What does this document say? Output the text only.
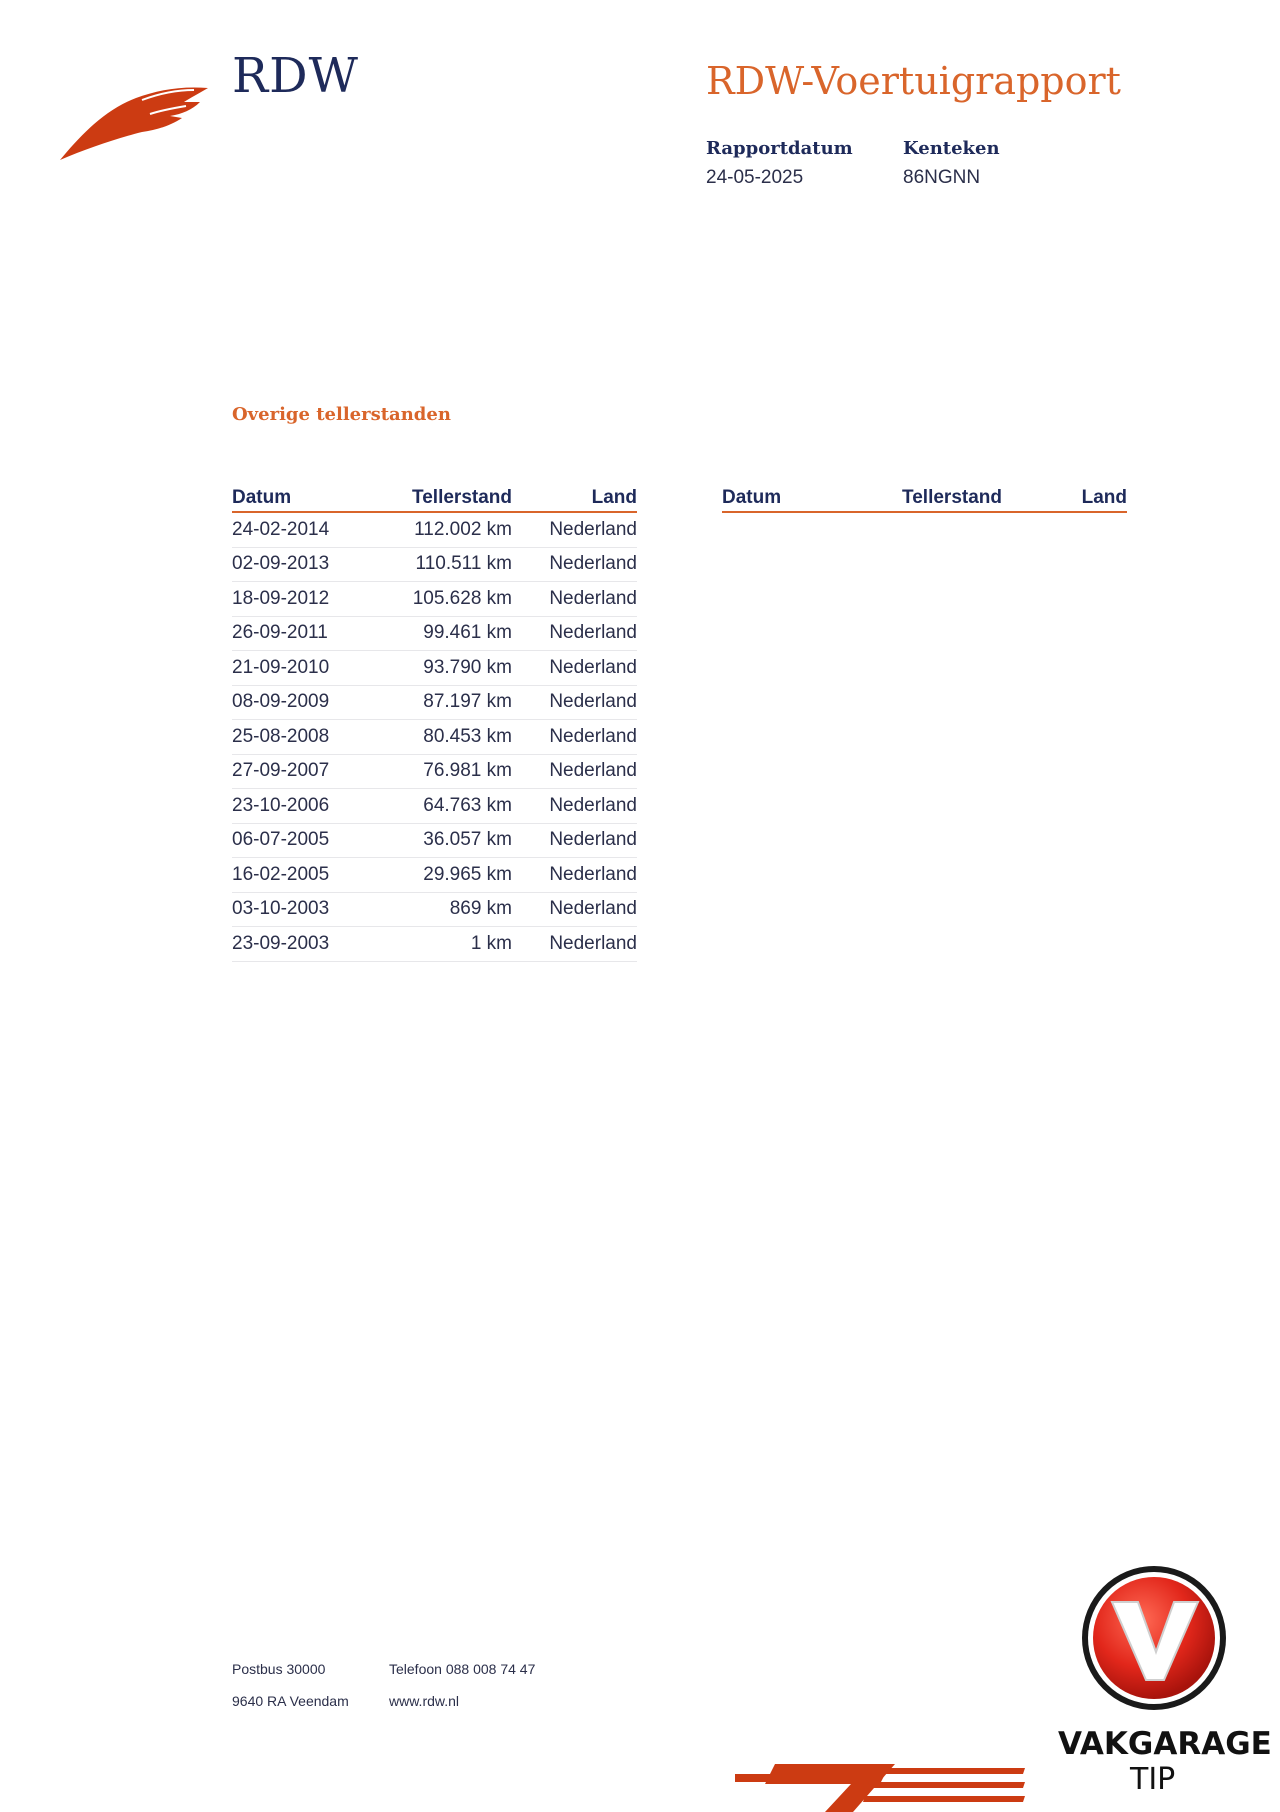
RDW	RDW-Voertuigrapport
Rapportdatum
24-05-2025
Kenteken
86NGNN
Overige tellerstanden
Datum	Tellerstand	Land
24-02-2014	112.002 km	Nederland
02-09-2013	110.511 km	Nederland
18-09-2012	105.628 km	Nederland
26-09-2011	99.461 km	Nederland
21-09-2010	93.790 km	Nederland
08-09-2009	87.197 km	Nederland
25-08-2008	80.453 km	Nederland
27-09-2007	76.981 km	Nederland
23-10-2006	64.763 km	Nederland
06-07-2005	36.057 km	Nederland
16-02-2005	29.965 km	Nederland
03-10-2003	869 km	Nederland
23-09-2003	1 km	Nederland
Datum	Tellerstand	Land
Postbus 30000	Telefoon 088 008 74 47
9640 RA Veendam	www.rdw.nl
VAKGARAGE
TIP
